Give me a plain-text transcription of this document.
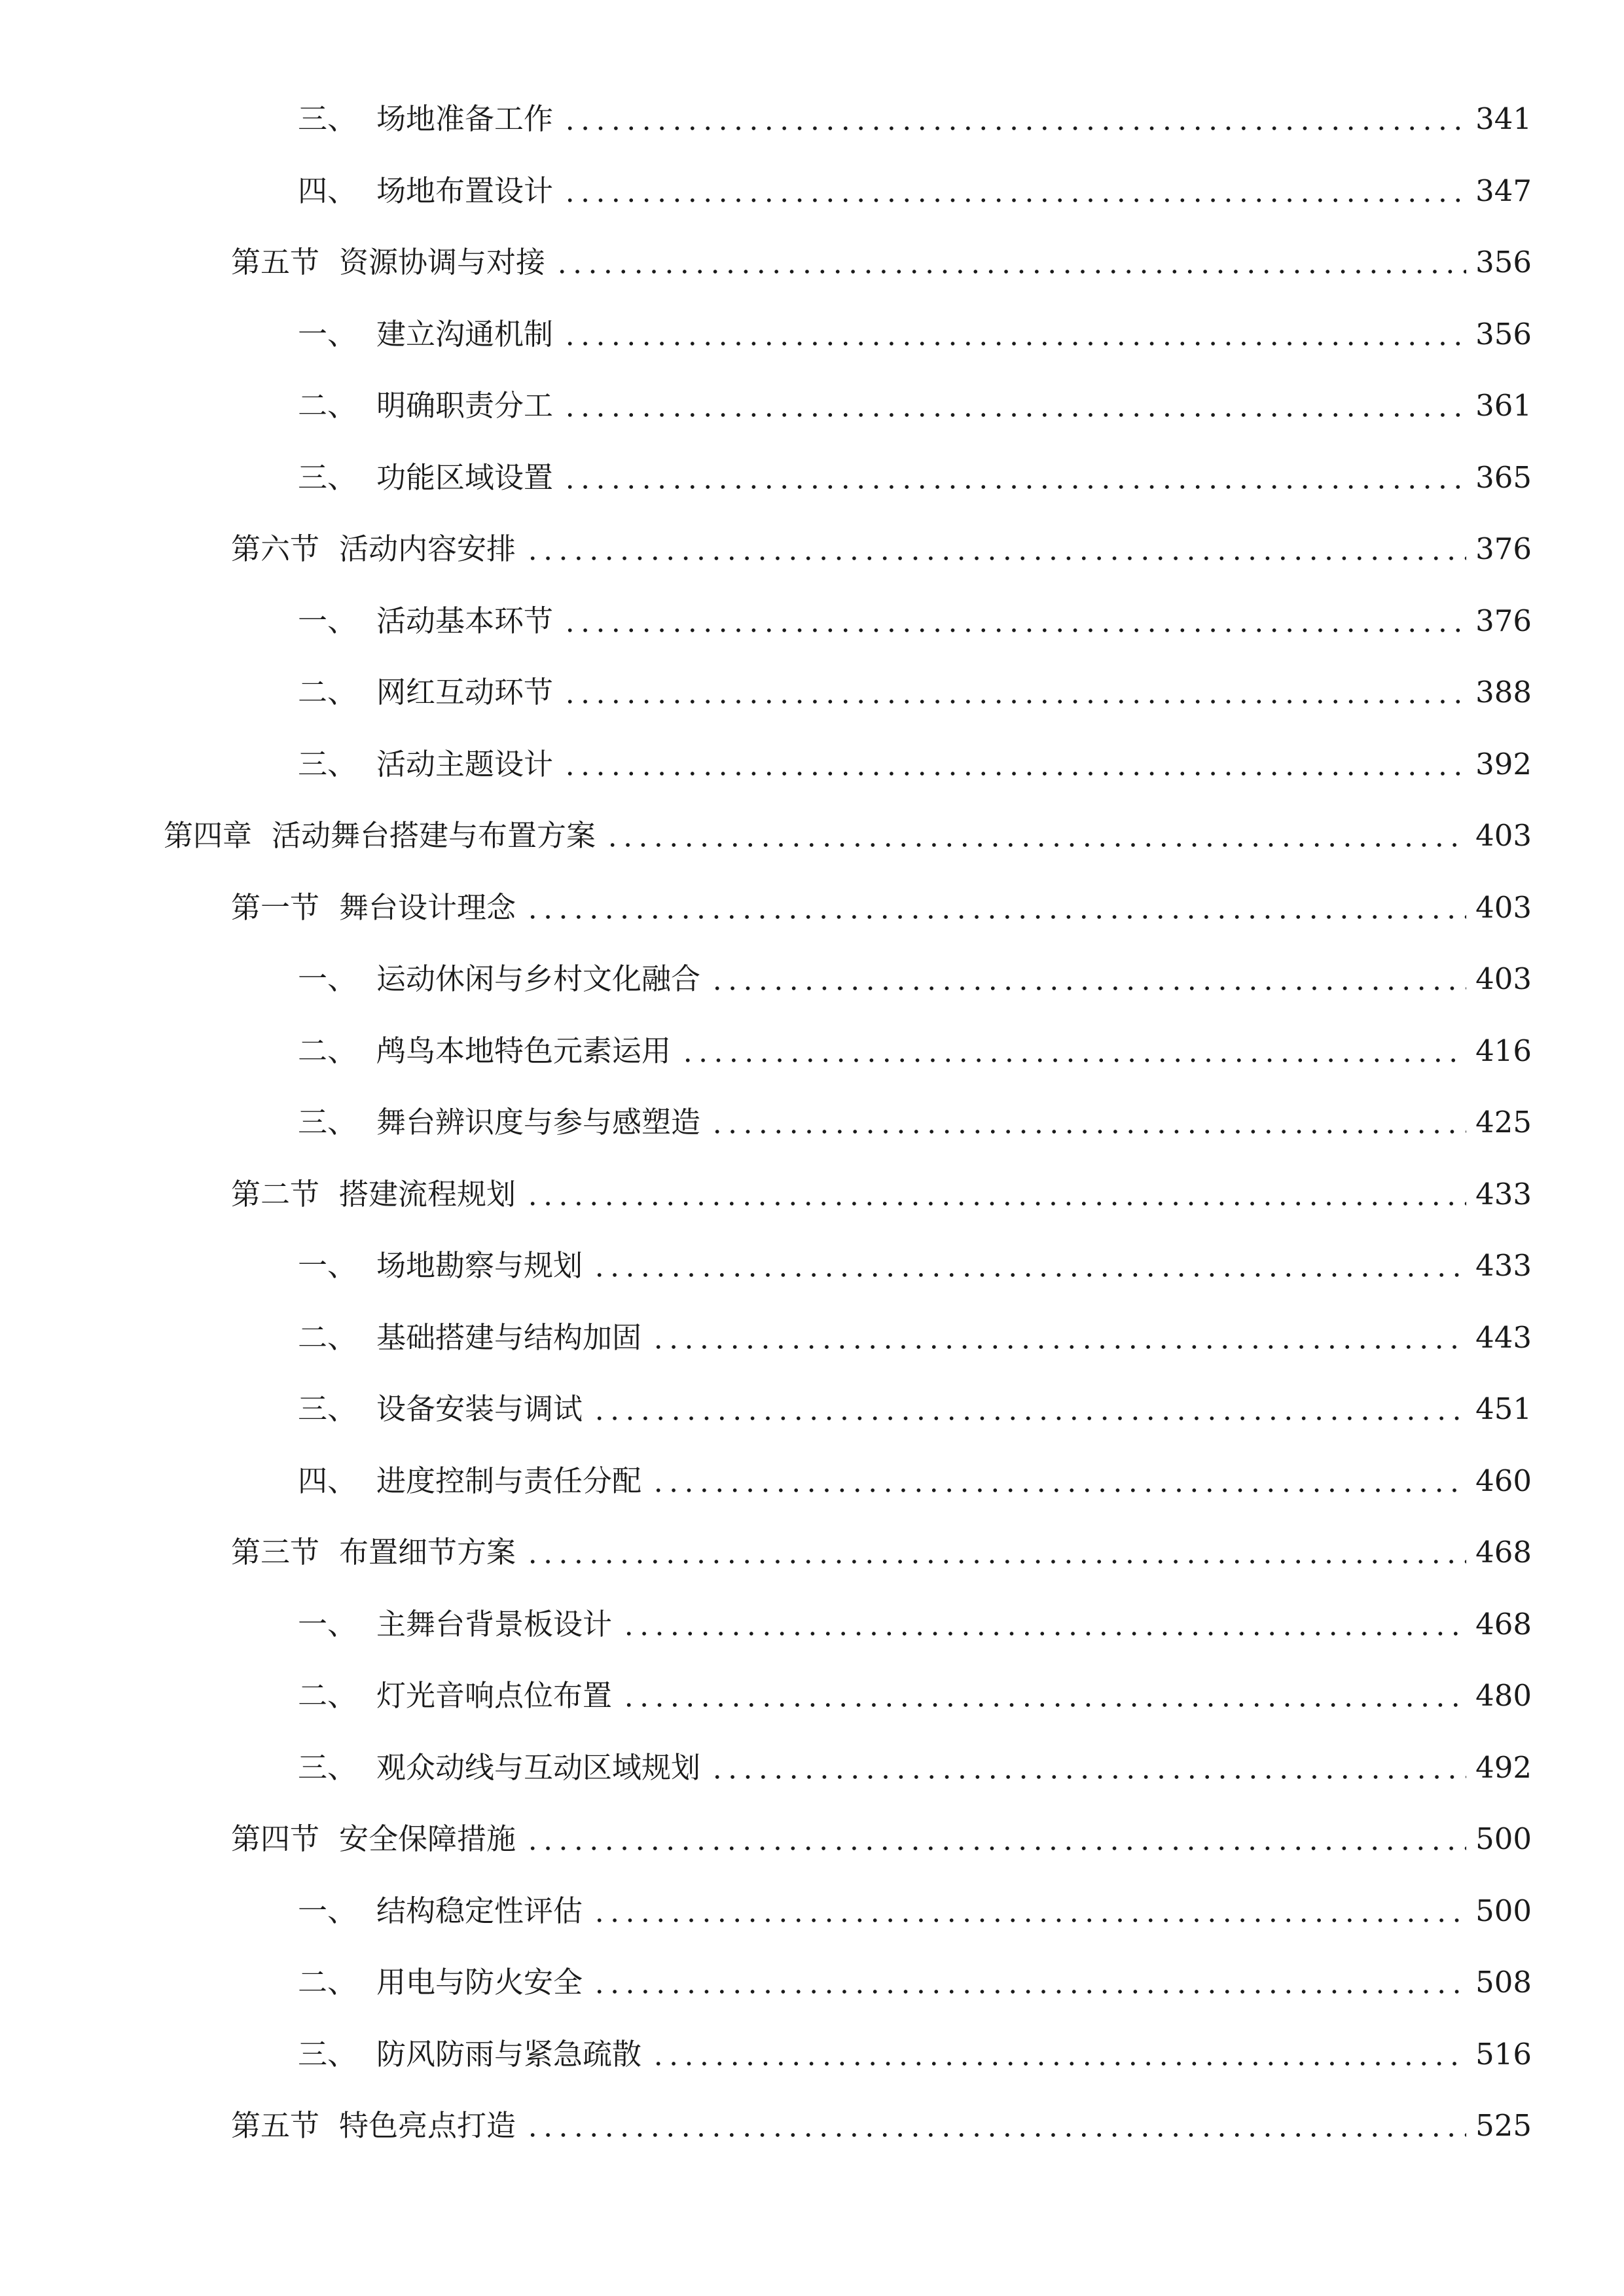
三、 场地准备工作	341
四、 场地布置设计	347
第五节 资源协调与对接	356
一、 建立沟通机制	356
二、 明确职责分工	361
三、 功能区域设置	365
第六节 活动内容安排	376
一、 活动基本环节	376
二、 网红互动环节	388
三、 活动主题设计	392
第四章 活动舞台搭建与布置方案	403
第一节 舞台设计理念	403
一、 运动休闲与乡村文化融合	403
二、 鸬鸟本地特色元素运用	416
三、 舞台辨识度与参与感塑造	425
第二节 搭建流程规划	433
一、 场地勘察与规划	433
二、 基础搭建与结构加固	443
三、 设备安装与调试	451
四、 进度控制与责任分配	460
第三节 布置细节方案	468
一、 主舞台背景板设计	468
二、 灯光音响点位布置	480
三、 观众动线与互动区域规划	492
第四节 安全保障措施	500
一、 结构稳定性评估	500
二、 用电与防火安全	508
三、 防风防雨与紧急疏散	516
第五节 特色亮点打造	525
